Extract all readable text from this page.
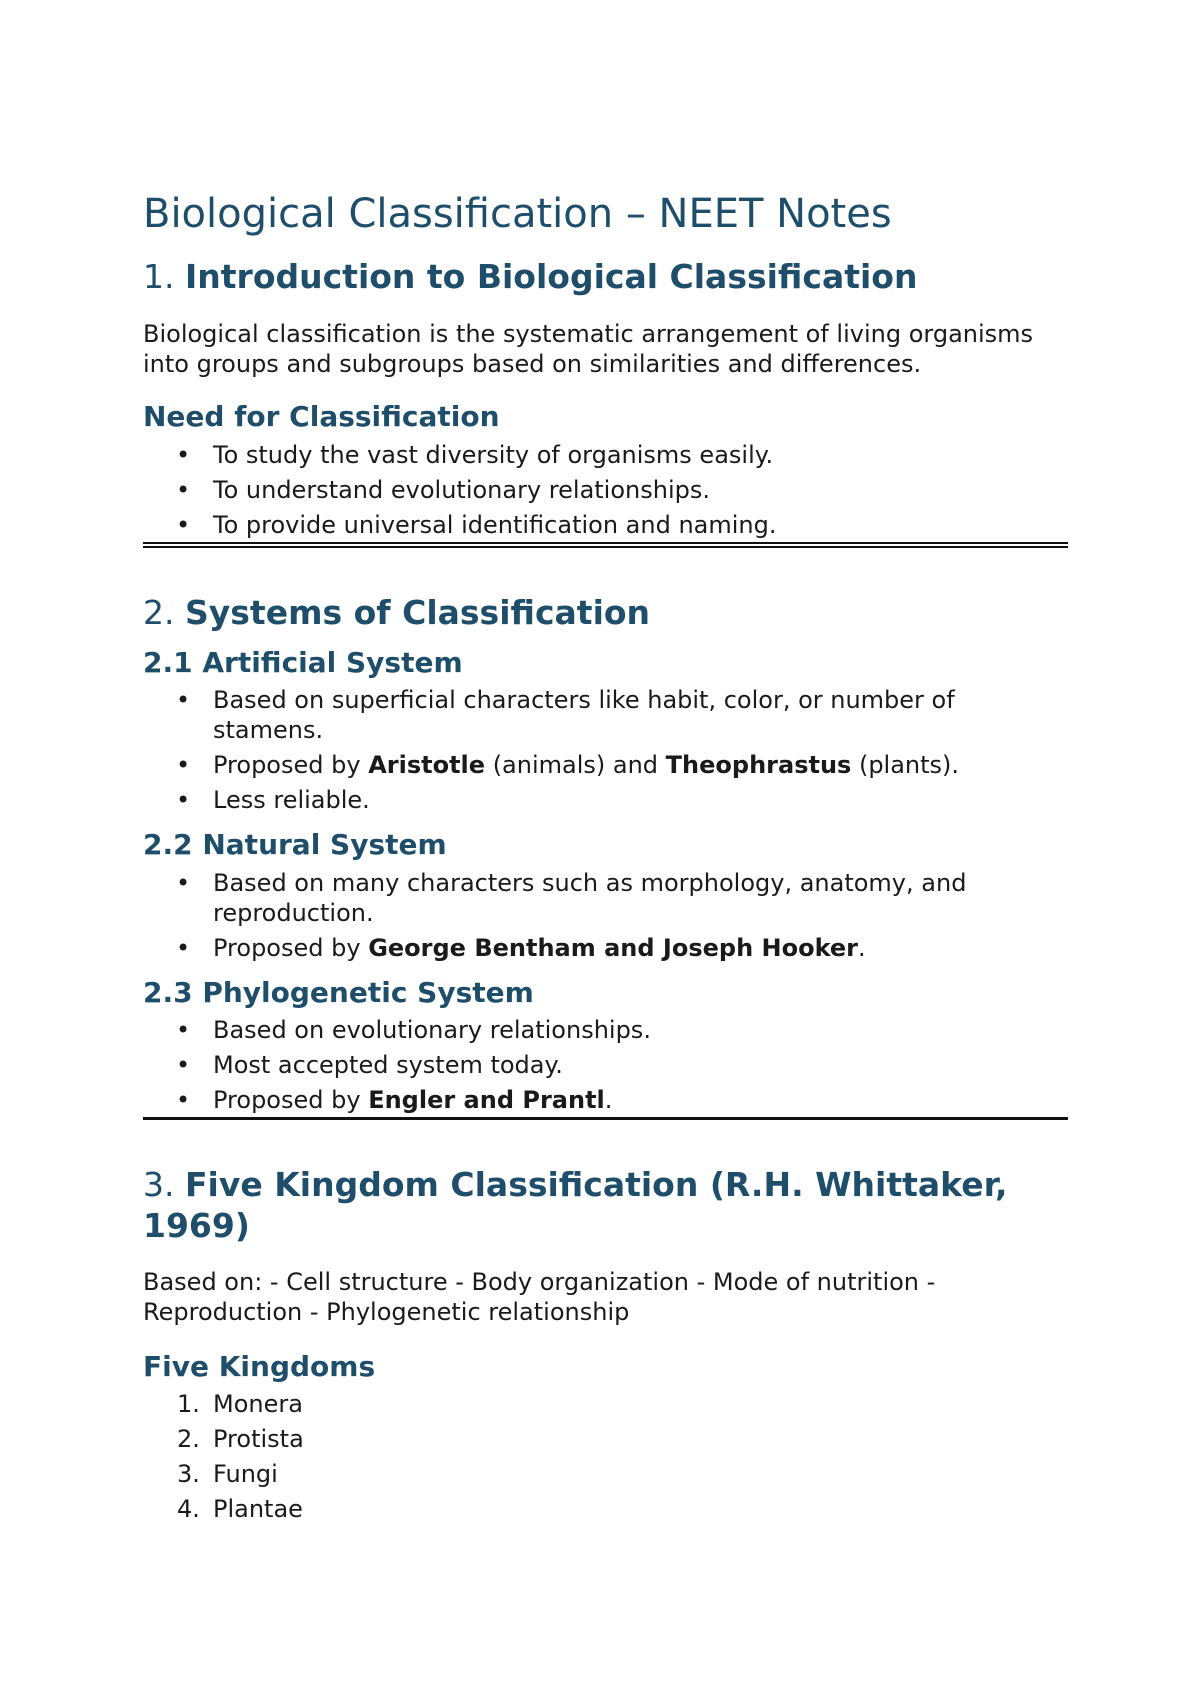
Biological Classification – NEET Notes
1. Introduction to Biological Classification

Biological classification is the systematic arrangement of living organisms into groups and subgroups based on similarities and differences.

Need for Classification
• To study the vast diversity of organisms easily.
• To understand evolutionary relationships.
• To provide universal identification and naming.
2. Systems of Classification
2.1 Artificial System
• Based on superficial characters like habit, color, or number of stamens.
• Proposed by Aristotle (animals) and Theophrastus (plants).
• Less reliable.
2.2 Natural System
• Based on many characters such as morphology, anatomy, and reproduction.
• Proposed by George Bentham and Joseph Hooker.
2.3 Phylogenetic System
• Based on evolutionary relationships.
• Most accepted system today.
• Proposed by Engler and Prantl.
3. Five Kingdom Classification (R.H. Whittaker, 1969)

Based on: - Cell structure - Body organization - Mode of nutrition - Reproduction - Phylogenetic relationship

Five Kingdoms
1. Monera
2. Protista
3. Fungi
4. Plantae
